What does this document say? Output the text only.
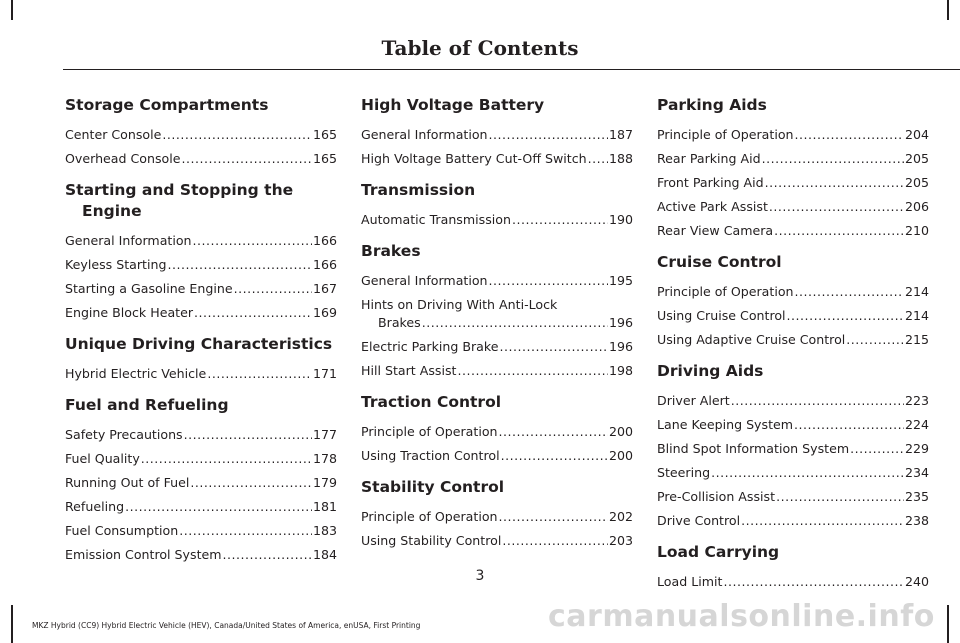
Table of Contents
Storage Compartments
Center Console .....	165
Overhead Console .....	165
Starting and Stopping the
Engine
General Information .....	166
Keyless Starting .....	166
Starting a Gasoline Engine .....	167
Engine Block Heater .....	169
Unique Driving Characteristics
Hybrid Electric Vehicle .....	171
Fuel and Refueling
Safety Precautions .....	177
Fuel Quality .....	178
Running Out of Fuel .....	179
Refueling .....	181
Fuel Consumption .....	183
Emission Control System .....	184
High Voltage Battery
General Information .....	187
High Voltage Battery Cut-Off Switch ..... 188
Transmission
Automatic Transmission .....	190
Brakes
General Information .....	195
Hints on Driving With Anti-Lock
Brakes .....	196
Electric Parking Brake .....	196
Hill Start Assist .....	198
Traction Control
Principle of Operation .....	200
Using Traction Control .....	200
Stability Control
Principle of Operation .....	202
Using Stability Control .....	203
Parking Aids
Principle of Operation .....	204
Rear Parking Aid .....	205
Front Parking Aid .....	205
Active Park Assist .....	206
Rear View Camera .....	210
Cruise Control
Principle of Operation .....	214
Using Cruise Control .....	214
Using Adaptive Cruise Control .....	215
Driving Aids
Driver Alert .....	223
Lane Keeping System .....	224
Blind Spot Information System .....	229
Steering .....	234
Pre-Collision Assist .....	235
Drive Control .....	238
Load Carrying
Load Limit .....	240
3
MKZ Hybrid (CC9) Hybrid Electric Vehicle (HEV), Canada/United States of America, enUSA, First Printing	carmanualsonline.info
